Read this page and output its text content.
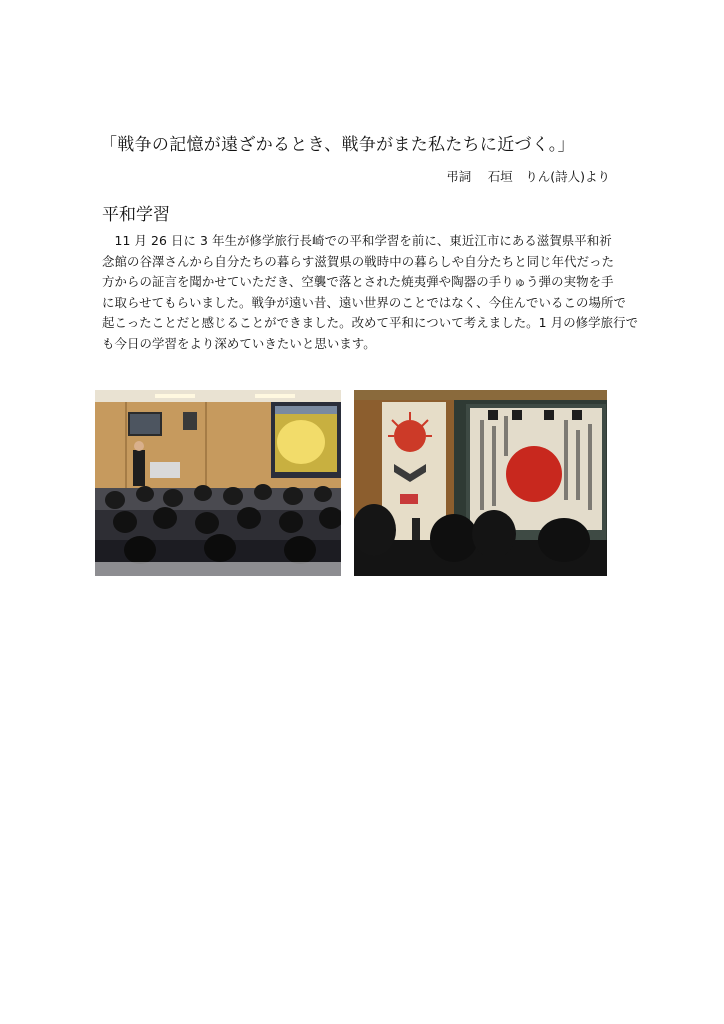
「戦争の記憶が遠ざかるとき、戦争がまた私たちに近づく。」
弔詞　 石垣　りん(詩人)より
平和学習
　11 月 26 日に 3 年生が修学旅行長崎での平和学習を前に、東近江市にある滋賀県平和祈
念館の谷澤さんから自分たちの暮らす滋賀県の戦時中の暮らしや自分たちと同じ年代だった
方からの証言を聞かせていただき、空襲で落とされた焼夷弾や陶器の手りゅう弾の実物を手
に取らせてもらいました。戦争が遠い昔、遠い世界のことではなく、今住んでいるこの場所で
起こったことだと感じることができました。改めて平和について考えました。1 月の修学旅行で
も今日の学習をより深めていきたいと思います。
